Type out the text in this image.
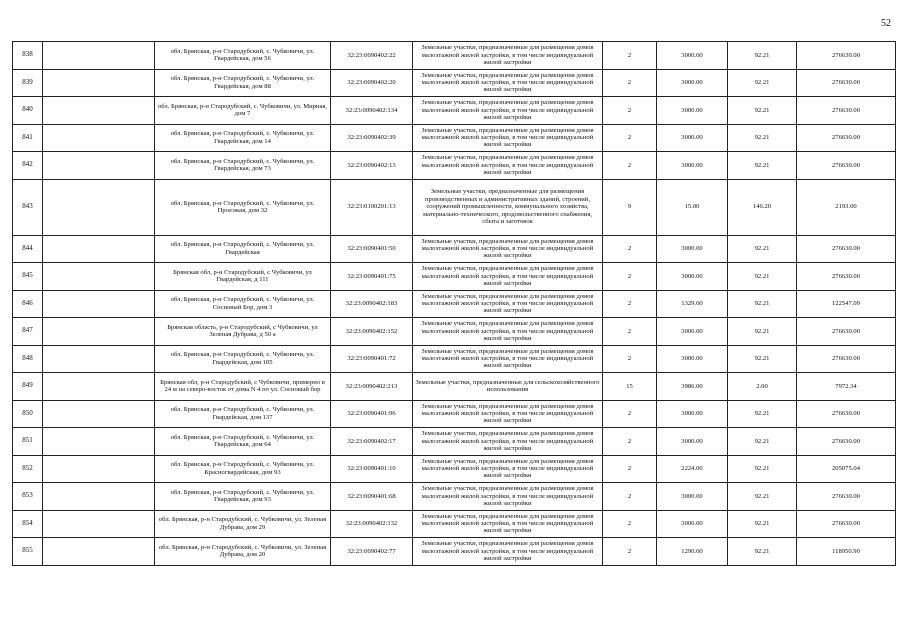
52
838		обл. Брянская, р-н Стародубский, с. Чубковичи, ул. Гвардейская, дом 56	32:23:0090402:22	Земельные участки, предназначенные для размещения домов малоэтажной жилой застройки, в том числе индивидуальной жилой застройки	2	3000.00	92.21	276630.00
839		обл. Брянская, р-н Стародубский, с. Чубковичи, ул. Гвардейская, дом 88	32:23:0090402:20	Земельные участки, предназначенные для размещения домов малоэтажной жилой застройки, в том числе индивидуальной жилой застройки	2	3000.00	92.21	276630.00
840		обл. Брянская, р-н Стародубский, с. Чубковичи, ул. Мирная, дом 7	32:23:0090402:134	Земельные участки, предназначенные для размещения домов малоэтажной жилой застройки, в том числе индивидуальной жилой застройки	2	3000.00	92.21	276630.00
841		обл. Брянская, р-н Стародубский, с. Чубковичи, ул. Гвардейская, дом 14	32:23:0090402:39	Земельные участки, предназначенные для размещения домов малоэтажной жилой застройки, в том числе индивидуальной жилой застройки	2	3000.00	92.21	276630.00
842		обл. Брянская, р-н Стародубский, с. Чубковичи, ул. Гвардейская, дом 73	32:23:0090402:13	Земельные участки, предназначенные для размещения домов малоэтажной жилой застройки, в том числе индивидуальной жилой застройки	2	3000.00	92.21	276630.00
843		обл. Брянская, р-н Стародубский, с. Чубковичи, ул. Проезжая, дом 32	32:23:0100201:13	Земельные участки, предназначенные для размещения производственных и административных зданий, строений, сооружений промышленности, коммунального хозяйства, материально-технического, продовольственного снабжения, сбыта и заготовок	9	15.00	146.20	2193.00
844		обл. Брянская, р-н Стародубский, с. Чубковичи, ул. Гвардейская	32:23:0090401:50	Земельные участки, предназначенные для размещения домов малоэтажной жилой застройки, в том числе индивидуальной жилой застройки	2	3000.00	92.21	276630.00
845		Брянская обл, р-н Стародубский, с Чубковичи, ул Гвардейская, д 111	32:23:0090401:75	Земельные участки, предназначенные для размещения домов малоэтажной жилой застройки, в том числе индивидуальной жилой застройки	2	3000.00	92.21	276630.00
846		обл. Брянская, р-н Стародубский, с. Чубковичи, ул. Сосновый Бор, дом 3	32:23:0090402:183	Земельные участки, предназначенные для размещения домов малоэтажной жилой застройки, в том числе индивидуальной жилой застройки	2	1329.00	92.21	122547.09
847		Брянская область, р-н Стародубский, с Чубковичи, ул Зеленая Дубрава, д 50 а	32:23:0090402:152	Земельные участки, предназначенные для размещения домов малоэтажной жилой застройки, в том числе индивидуальной жилой застройки	2	3000.00	92.21	276630.00
848		обл. Брянская, р-н Стародубский, с. Чубковичи, ул. Гвардейская, дом 105	32:23:0090401:72	Земельные участки, предназначенные для размещения домов малоэтажной жилой застройки, в том числе индивидуальной жилой застройки	2	3000.00	92.21	276630.00
849		Брянская обл, р-н Стародубский, с Чубковичи, примерно в 24 м на северо-восток от дома N 4 по ул. Сосновый бор	32:23:0090402:213	Земельные участки, предназначенные для сельскохозяйственного использования	15	3986.00	2.00	7972.34
850		обл. Брянская, р-н Стародубский, с. Чубковичи, ул. Гвардейская, дом 137	32:23:0090401:96	Земельные участки, предназначенные для размещения домов малоэтажной жилой застройки, в том числе индивидуальной жилой застройки	2	3000.00	92.21	276630.00
851		обл. Брянская, р-н Стародубский, с. Чубковичи, ул. Гвардейская, дом 64	32:23:0090402:17	Земельные участки, предназначенные для размещения домов малоэтажной жилой застройки, в том числе индивидуальной жилой застройки	2	3000.00	92.21	276630.00
852		обл. Брянская, р-н Стародубский, с. Чубковичи, ул. Красногвардейская, дом 93	32:23:0090401:10	Земельные участки, предназначенные для размещения домов малоэтажной жилой застройки, в том числе индивидуальной жилой застройки	2	2224.00	92.21	205075.04
853		обл. Брянская, р-н Стародубский, с. Чубковичи, ул. Гвардейская, дом 93	32:23:0090401:68	Земельные участки, предназначенные для размещения домов малоэтажной жилой застройки, в том числе индивидуальной жилой застройки	2	3000.00	92.21	276630.00
854		обл. Брянская, р-н Стародубский, с. Чубковичи, ул. Зеленая Дубрава, дом 29	32:23:0090402:132	Земельные участки, предназначенные для размещения домов малоэтажной жилой застройки, в том числе индивидуальной жилой застройки	2	3000.00	92.21	276630.00
855		обл. Брянская, р-н Стародубский, с. Чубковичи, ул. Зеленая Дубрава, дом 20	32:23:0090402:77	Земельные участки, предназначенные для размещения домов малоэтажной жилой застройки, в том числе индивидуальной жилой застройки	2	1290.00	92.21	118950.90
